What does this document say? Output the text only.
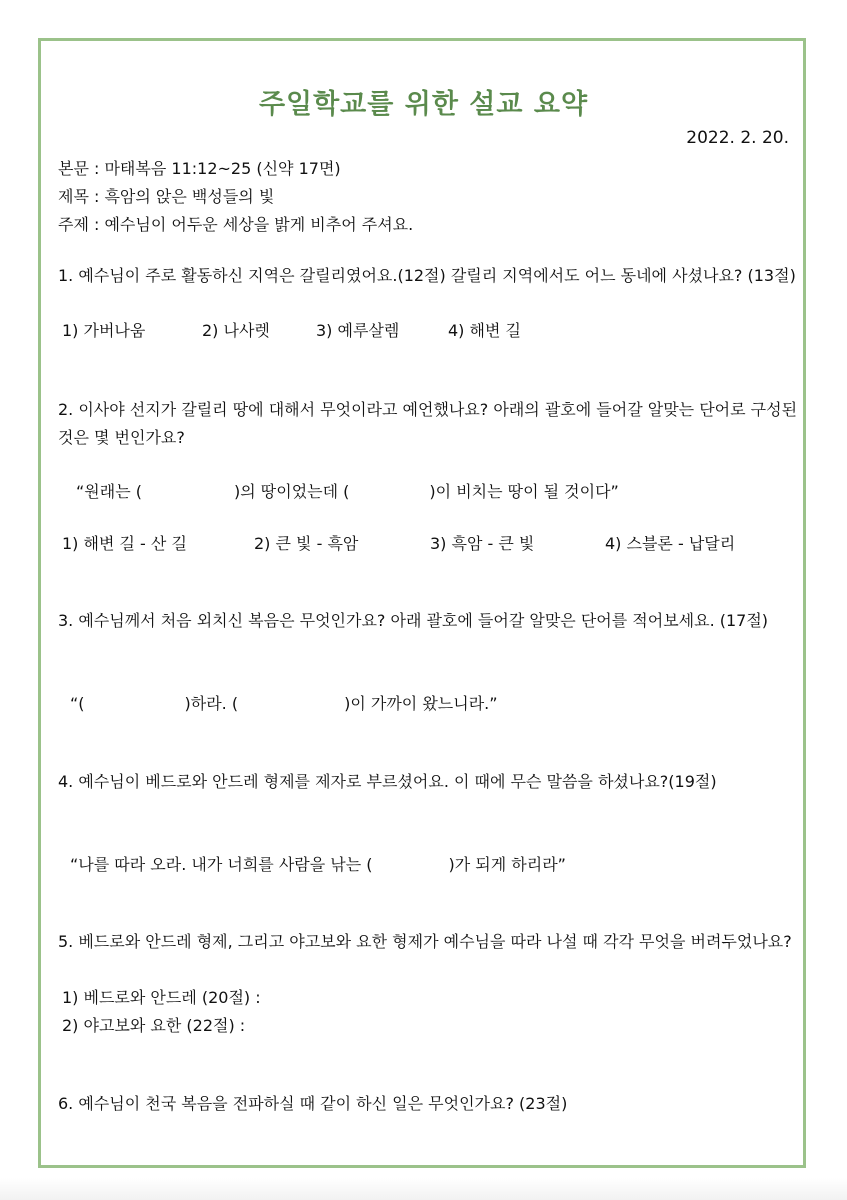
주일학교를 위한 설교 요약
2022. 2. 20.
본문 : 마태복음 11:12~25 (신약 17면)
제목 : 흑암의 앉은 백성들의 빛
주제 : 예수님이 어두운 세상을 밝게 비추어 주셔요.

1. 예수님이 주로 활동하신 지역은 갈릴리였어요.(12절) 갈릴리 지역에서도 어느 동네에 사셨나요? (13절)

1) 가버나움	2) 나사렛	3) 예루살렘	4) 해변 길

2. 이사야 선지가 갈릴리 땅에 대해서 무엇이라고 예언했나요? 아래의 괄호에 들어갈 알맞는 단어로 구성된 것은 몇 번인가요?

“원래는 (	)의 땅이었는데 (	)이 비치는 땅이 될 것이다”
1) 해변 길 - 산 길	2) 큰 빛 - 흑암	3) 흑암 - 큰 빛	4) 스블론 - 납달리

3. 예수님께서 처음 외치신 복음은 무엇인가요? 아래 괄호에 들어갈 알맞은 단어를 적어보세요. (17절)

“(	)하라. (	)이 가까이 왔느니라.”

4. 예수님이 베드로와 안드레 형제를 제자로 부르셨어요. 이 때에 무슨 말씀을 하셨나요?(19절)

“나를 따라 오라. 내가 너희를 사람을 낚는 (	)가 되게 하리라”

5. 베드로와 안드레 형제, 그리고 야고보와 요한 형제가 예수님을 따라 나설 때 각각 무엇을 버려두었나요?

1) 베드로와 안드레 (20절) :
2) 야고보와 요한 (22절) :

6. 예수님이 천국 복음을 전파하실 때 같이 하신 일은 무엇인가요? (23절)
